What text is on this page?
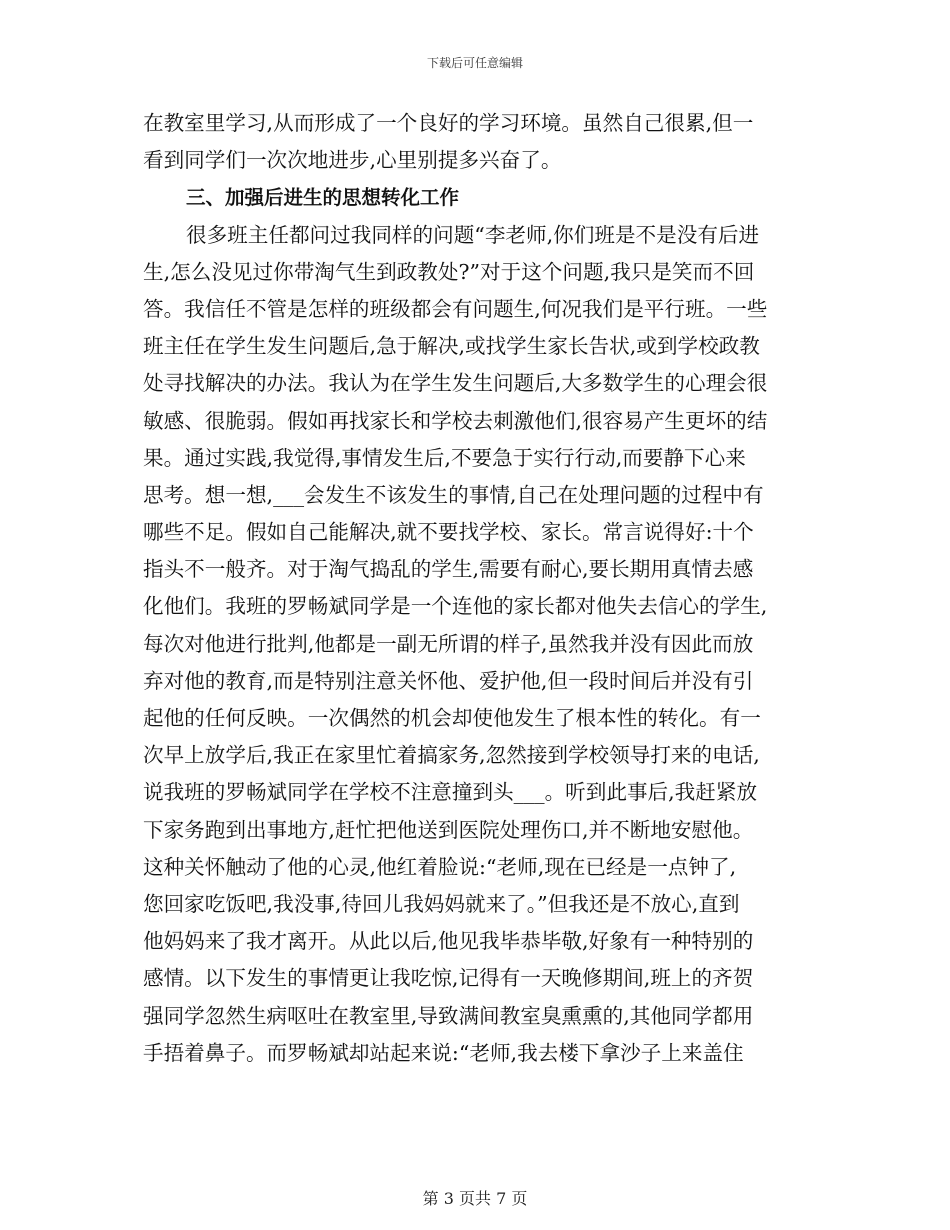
下载后可任意编辑
在教室里学习,从而形成了一个良好的学习环境。虽然自己很累,但一
看到同学们一次次地进步,心里别提多兴奋了。
三、加强后进生的思想转化工作
很多班主任都问过我同样的问题“李老师,你们班是不是没有后进
生,怎么没见过你带淘气生到政教处?”对于这个问题,我只是笑而不回
答。我信任不管是怎样的班级都会有问题生,何况我们是平行班。一些
班主任在学生发生问题后,急于解决,或找学生家长告状,或到学校政教
处寻找解决的办法。我认为在学生发生问题后,大多数学生的心理会很
敏感、很脆弱。假如再找家长和学校去刺激他们,很容易产生更坏的结
果。通过实践,我觉得,事情发生后,不要急于实行行动,而要静下心来
思考。想一想,___会发生不该发生的事情,自己在处理问题的过程中有
哪些不足。假如自己能解决,就不要找学校、家长。常言说得好:十个
指头不一般齐。对于淘气捣乱的学生,需要有耐心,要长期用真情去感
化他们。我班的罗畅斌同学是一个连他的家长都对他失去信心的学生,
每次对他进行批判,他都是一副无所谓的样子,虽然我并没有因此而放
弃对他的教育,而是特别注意关怀他、爱护他,但一段时间后并没有引
起他的任何反映。一次偶然的机会却使他发生了根本性的转化。有一
次早上放学后,我正在家里忙着搞家务,忽然接到学校领导打来的电话,
说我班的罗畅斌同学在学校不注意撞到头___。听到此事后,我赶紧放
下家务跑到出事地方,赶忙把他送到医院处理伤口,并不断地安慰他。
这种关怀触动了他的心灵,他红着脸说:“老师,现在已经是一点钟了,
您回家吃饭吧,我没事,待回儿我妈妈就来了。”但我还是不放心,直到
他妈妈来了我才离开。从此以后,他见我毕恭毕敬,好象有一种特别的
感情。以下发生的事情更让我吃惊,记得有一天晚修期间,班上的齐贺
强同学忽然生病呕吐在教室里,导致满间教室臭熏熏的,其他同学都用
手捂着鼻子。而罗畅斌却站起来说:“老师,我去楼下拿沙子上来盖住
第 3 页共 7 页
